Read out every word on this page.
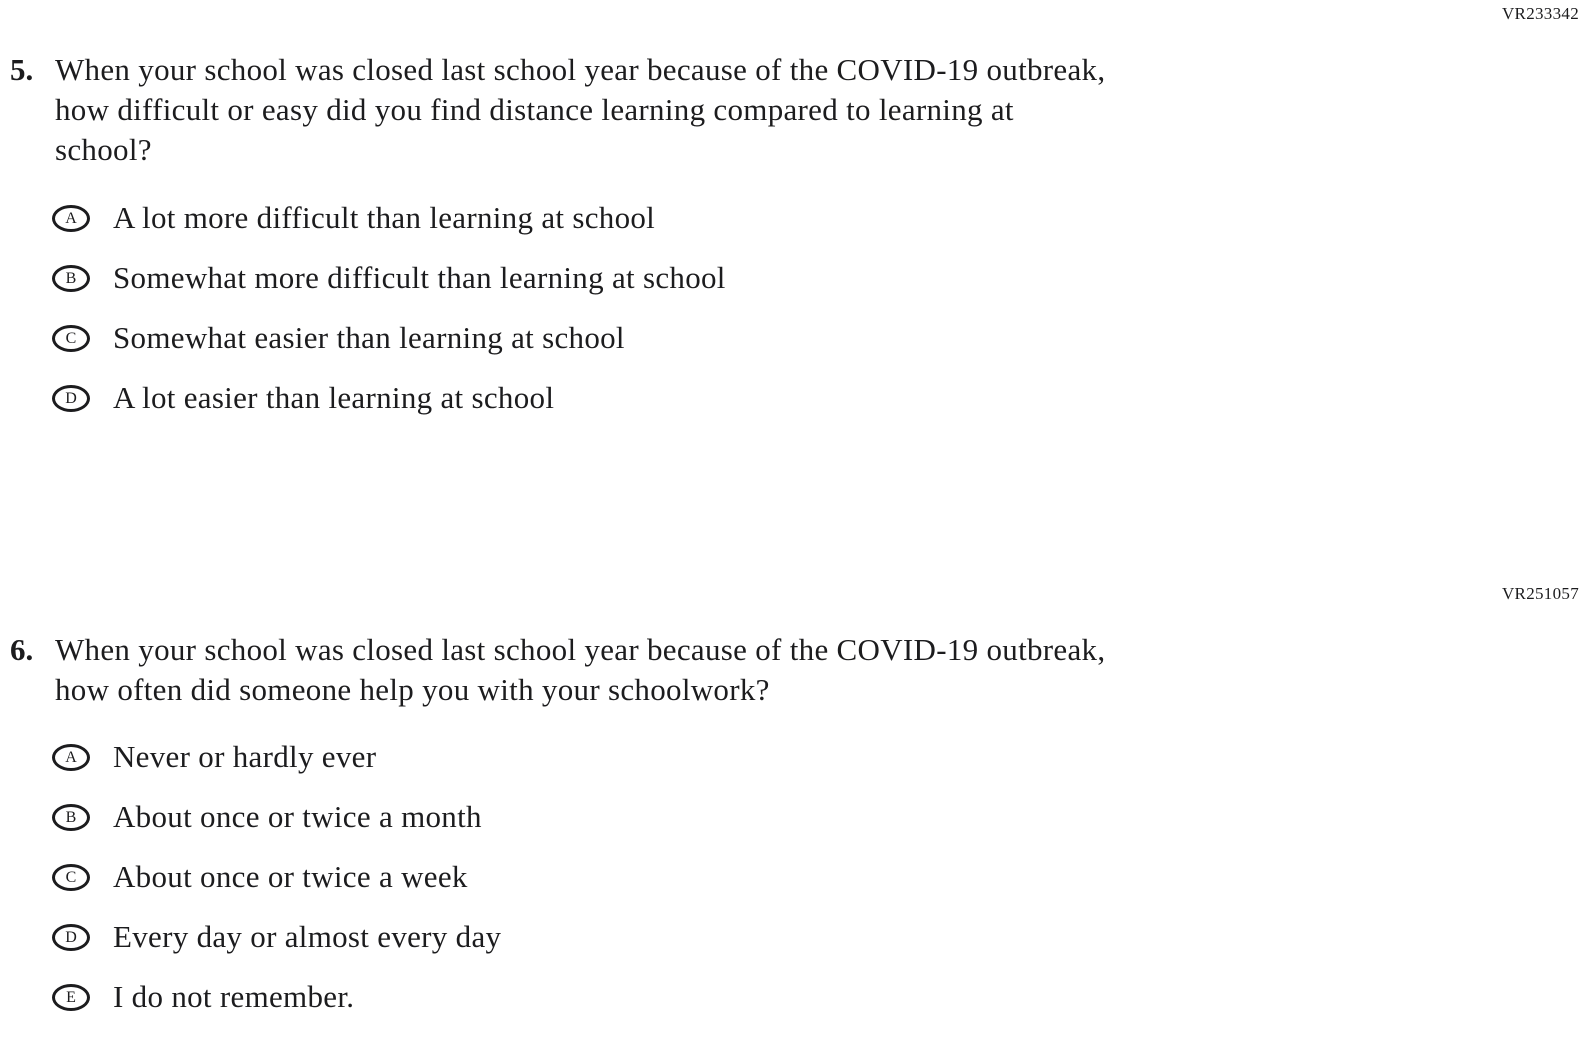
VR233342
5. When your school was closed last school year because of the COVID-19 outbreak,
how difficult or easy did you find distance learning compared to learning at
school?
A	A lot more difficult than learning at school
B	Somewhat more difficult than learning at school
C	Somewhat easier than learning at school
D	A lot easier than learning at school
VR251057
6. When your school was closed last school year because of the COVID-19 outbreak,
how often did someone help you with your schoolwork?
A	Never or hardly ever
B	About once or twice a month
C	About once or twice a week
D	Every day or almost every day
E	I do not remember.
